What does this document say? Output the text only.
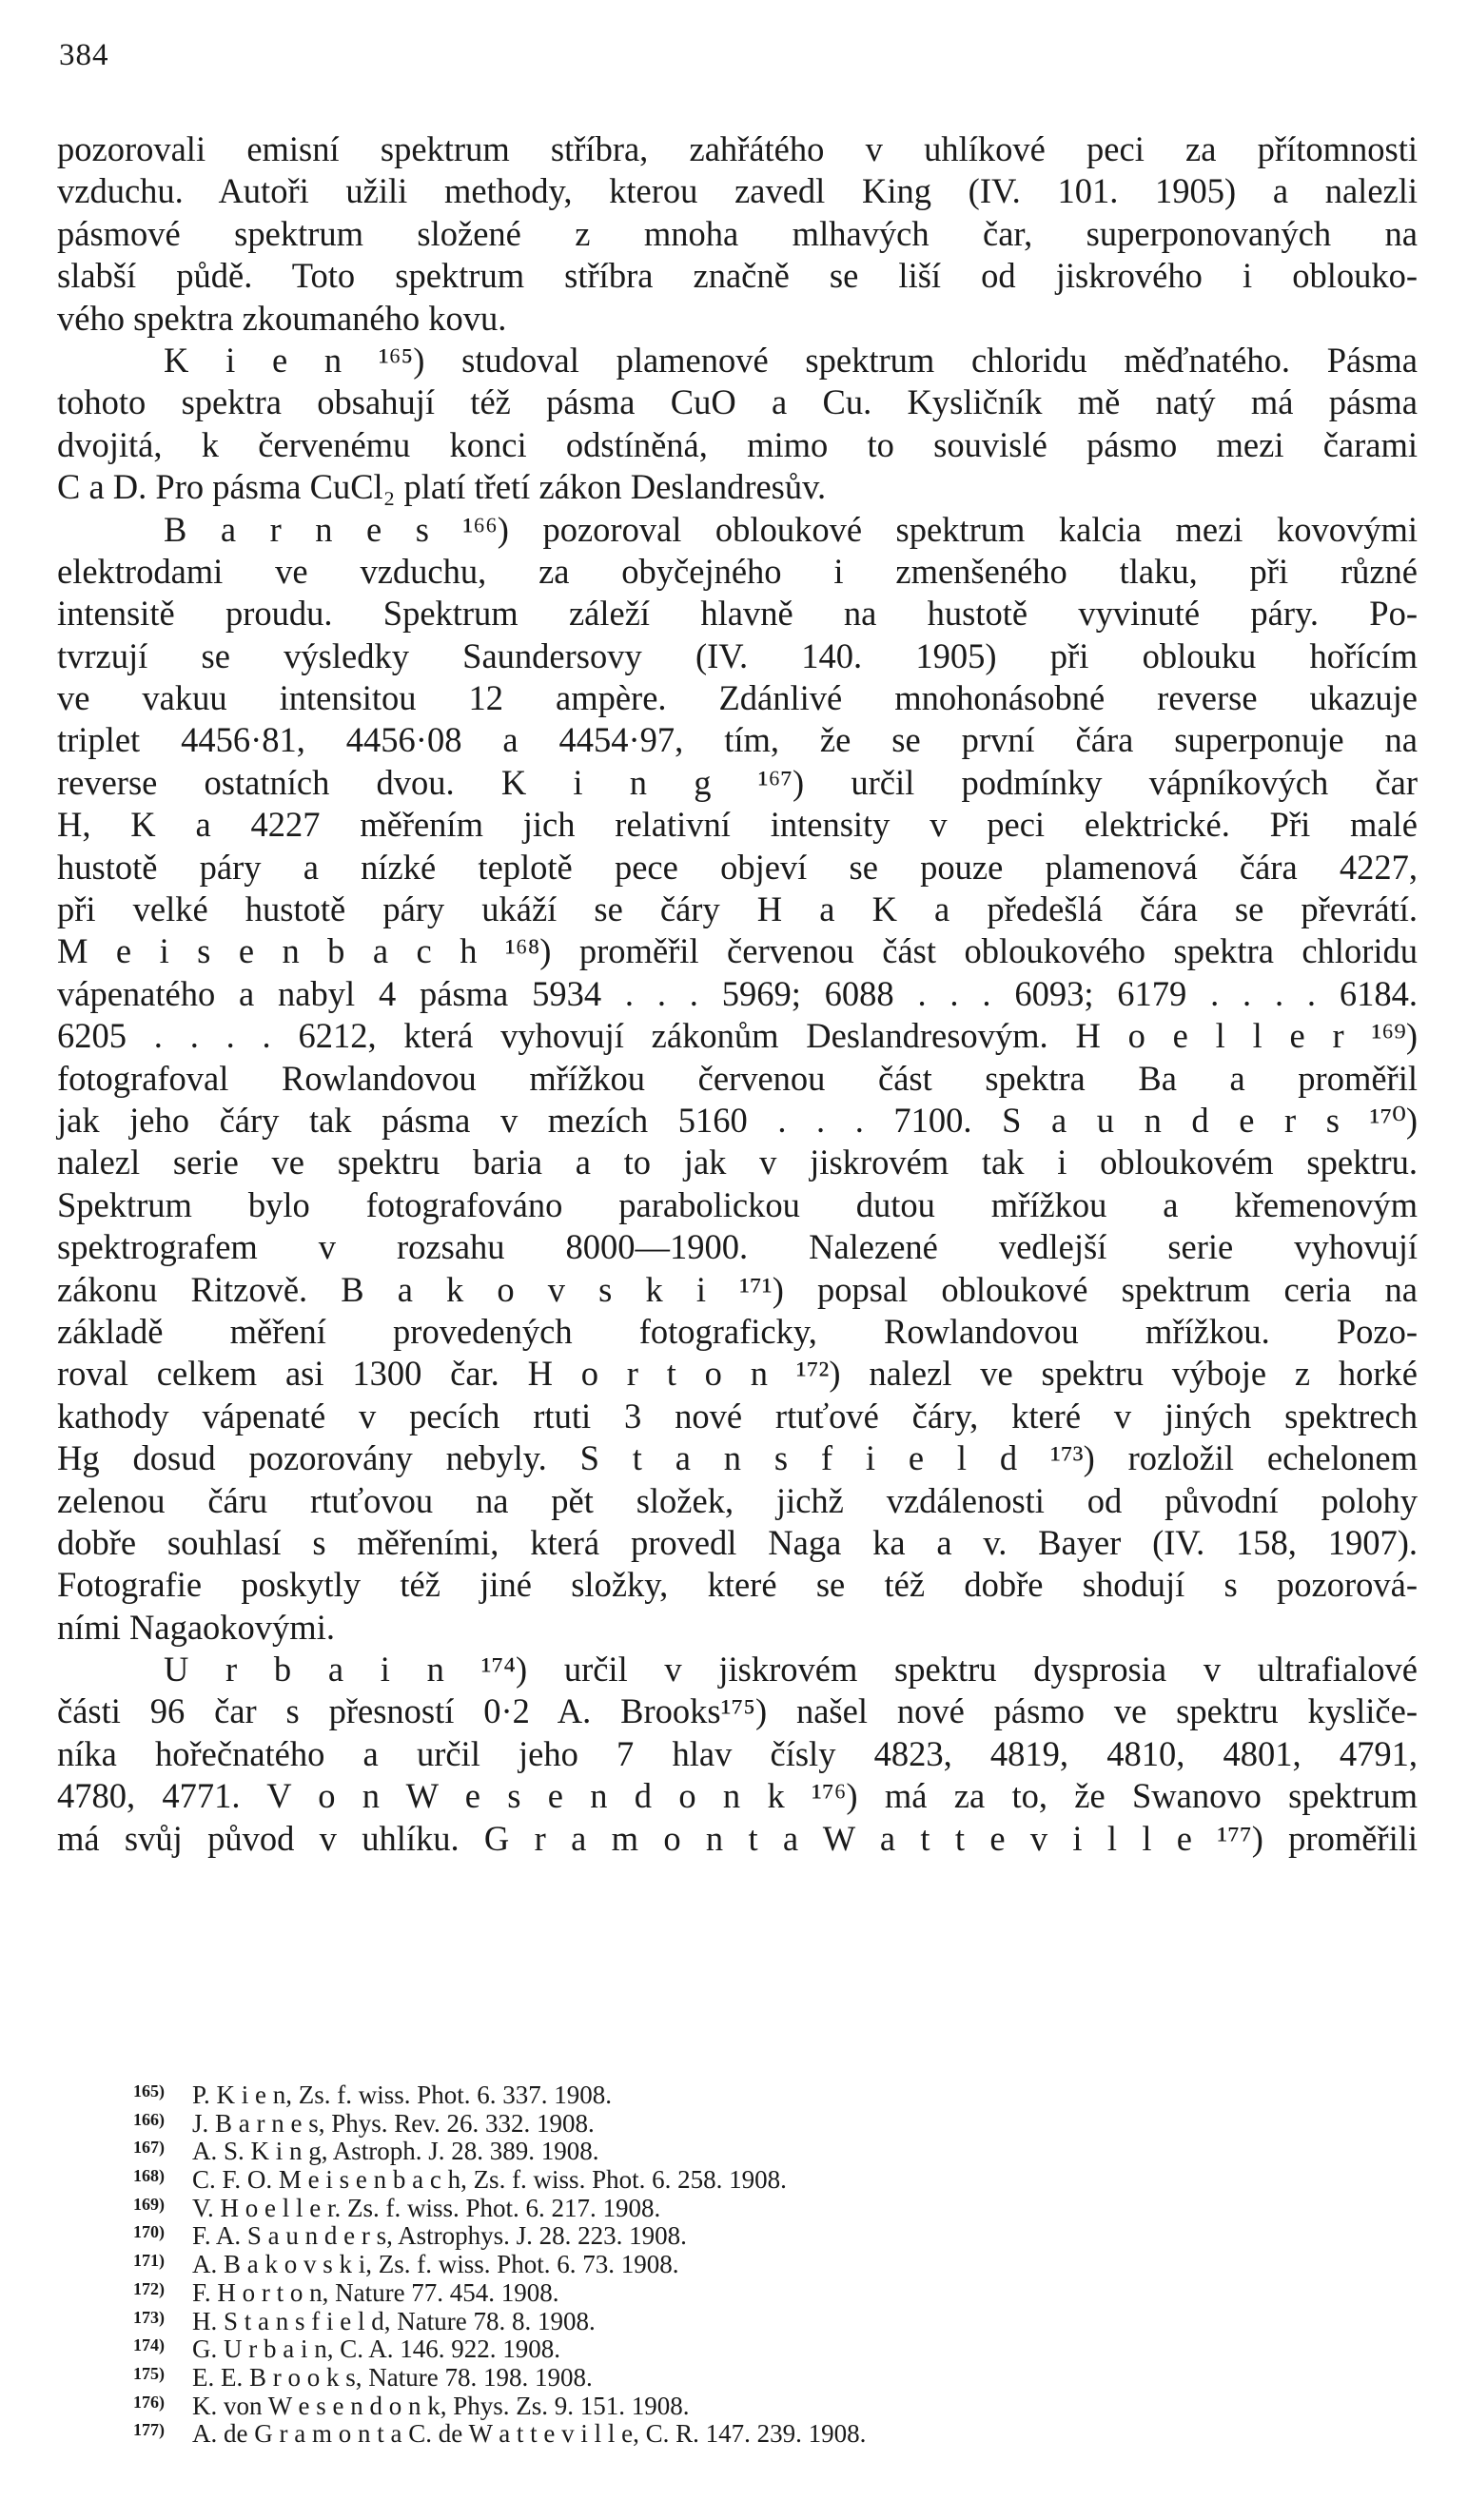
384
pozorovali emisní spektrum stříbra, zahřátého v uhlíkové peci za přítomnosti
vzduchu. Autoři užili methody, kterou zavedl King (IV. 101. 1905) a nalezli
pásmové spektrum složené z mnoha mlhavých čar, superponovaných na
slabší půdě. Toto spektrum stříbra značně se liší od jiskrového i oblouko-
vého spektra zkoumaného kovu.
K i e n ¹⁶⁵) studoval plamenové spektrum chloridu měďnatého. Pásma
tohoto spektra obsahují též pásma CuO a Cu. Kysličník mě natý má pásma
dvojitá, k červenému konci odstíněná, mimo to souvislé pásmo mezi čarami
C a D. Pro pásma CuCl₂ platí třetí zákon Deslandresův.
B a r n e s ¹⁶⁶) pozoroval obloukové spektrum kalcia mezi kovovými
elektrodami ve vzduchu, za obyčejného i zmenšeného tlaku, při různé
intensitě proudu. Spektrum záleží hlavně na hustotě vyvinuté páry. Po-
tvrzují se výsledky Saundersovy (IV. 140. 1905) při oblouku hořícím
ve vakuu intensitou 12 ampère. Zdánlivé mnohonásobné reverse ukazuje
triplet 4456·81, 4456·08 a 4454·97, tím, že se první čára superponuje na
reverse ostatních dvou. K i n g ¹⁶⁷) určil podmínky vápníkových čar
H, K a 4227 měřením jich relativní intensity v peci elektrické. Při malé
hustotě páry a nízké teplotě pece objeví se pouze plamenová čára 4227,
při velké hustotě páry ukáží se čáry H a K a předešlá čára se převrátí.
M e i s e n b a c h ¹⁶⁸) proměřil červenou část obloukového spektra chloridu
vápenatého a nabyl 4 pásma 5934 . . . 5969; 6088 . . . 6093; 6179 . . . . 6184.
6205 . . . . 6212, která vyhovují zákonům Deslandresovým. H o e l l e r ¹⁶⁹)
fotografoval Rowlandovou mřížkou červenou část spektra Ba a proměřil
jak jeho čáry tak pásma v mezích 5160 . . . 7100. S a u n d e r s ¹⁷⁰)
nalezl serie ve spektru baria a to jak v jiskrovém tak i obloukovém spektru.
Spektrum bylo fotografováno parabolickou dutou mřížkou a křemenovým
spektrografem v rozsahu 8000—1900. Nalezené vedlejší serie vyhovují
zákonu Ritzově. B a k o v s k i ¹⁷¹) popsal obloukové spektrum ceria na
základě měření provedených fotograficky, Rowlandovou mřížkou. Pozo-
roval celkem asi 1300 čar. H o r t o n ¹⁷²) nalezl ve spektru výboje z horké
kathody vápenaté v pecích rtuti 3 nové rtuťové čáry, které v jiných spektrech
Hg dosud pozorovány nebyly. S t a n s f i e l d ¹⁷³) rozložil echelonem
zelenou čáru rtuťovou na pět složek, jichž vzdálenosti od původní polohy
dobře souhlasí s měřeními, která provedl Naga ka a v. Bayer (IV. 158, 1907).
Fotografie poskytly též jiné složky, které se též dobře shodují s pozorová-
ními Nagaokovými.
U r b a i n ¹⁷⁴) určil v jiskrovém spektru dysprosia v ultrafialové
části 96 čar s přesností 0·2 A. Brooks¹⁷⁵) našel nové pásmo ve spektru kysliče-
níka hořečnatého a určil jeho 7 hlav čísly 4823, 4819, 4810, 4801, 4791,
4780, 4771. V o n W e s e n d o n k ¹⁷⁶) má za to, že Swanovo spektrum
má svůj původ v uhlíku. G r a m o n t a W a t t e v i l l e ¹⁷⁷) proměřili
165) P. K i e n, Zs. f. wiss. Phot. 6. 337. 1908.
166) J. B a r n e s, Phys. Rev. 26. 332. 1908.
167) A. S. K i n g, Astroph. J. 28. 389. 1908.
168) C. F. O. M e i s e n b a c h, Zs. f. wiss. Phot. 6. 258. 1908.
169) V. H o e l l e r. Zs. f. wiss. Phot. 6. 217. 1908.
170) F. A. S a u n d e r s, Astrophys. J. 28. 223. 1908.
171) A. B a k o v s k i, Zs. f. wiss. Phot. 6. 73. 1908.
172) F. H o r t o n, Nature 77. 454. 1908.
173) H. S t a n s f i e l d, Nature 78. 8. 1908.
174) G. U r b a i n, C. A. 146. 922. 1908.
175) E. E. B r o o k s, Nature 78. 198. 1908.
176) K. von W e s e n d o n k, Phys. Zs. 9. 151. 1908.
177) A. de G r a m o n t a C. de W a t t e v i l l e, C. R. 147. 239. 1908.
